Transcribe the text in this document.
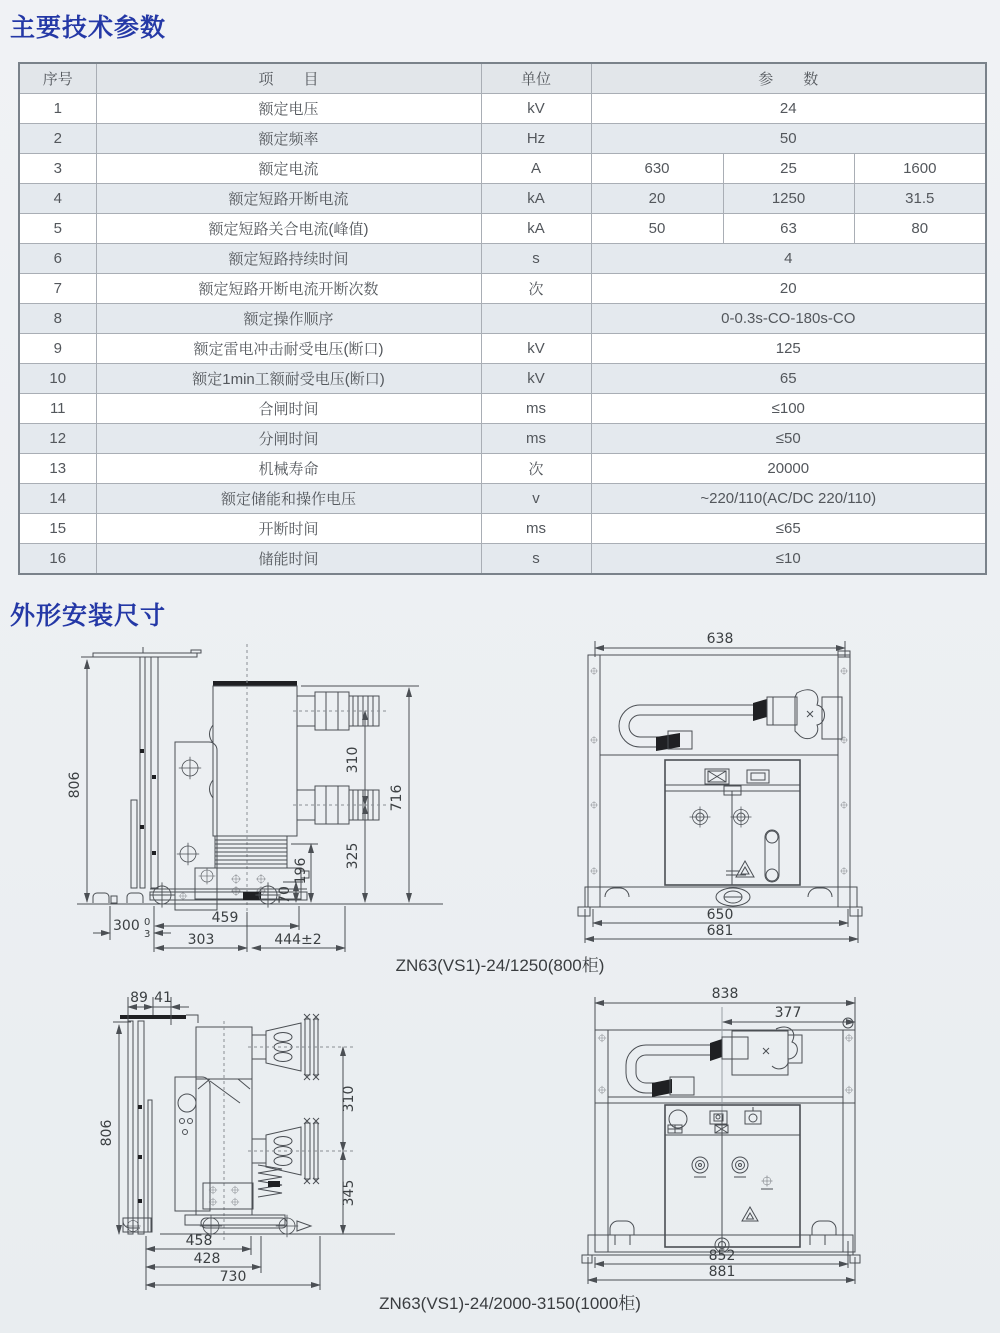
主要技术参数
序号	项　　目	单位	参　　数		
1	额定电压	kV	24		
2	额定频率	Hz	50		
3	额定电流	A	630	25	1600
4	额定短路开断电流	kA	20	1250	31.5
5	额定短路关合电流(峰值)	kA	50	63	80
6	额定短路持续时间	s	4		
7	额定短路开断电流开断次数	次	20		
8	额定操作顺序		0-0.3s-CO-180s-CO		
9	额定雷电冲击耐受电压(断口)	kV	125		
10	额定1min工额耐受电压(断口)	kV	65		
11	合闸时间	ms	≤100		
12	分闸时间	ms	≤50		
13	机械寿命	次	20000		
14	额定储能和操作电压	v	~220/110(AC/DC 220/110)		
15	开断时间	ms	≤65		
16	储能时间	s	≤10		
外形安装尺寸
806
310
325
716
196
70
300 0
3
459
303	444±2
638
650
681
ZN63(VS1)-24/1250(800柜)
89 41
806
310
345
458
428
730
838
377
852
881
ZN63(VS1)-24/2000-3150(1000柜)
